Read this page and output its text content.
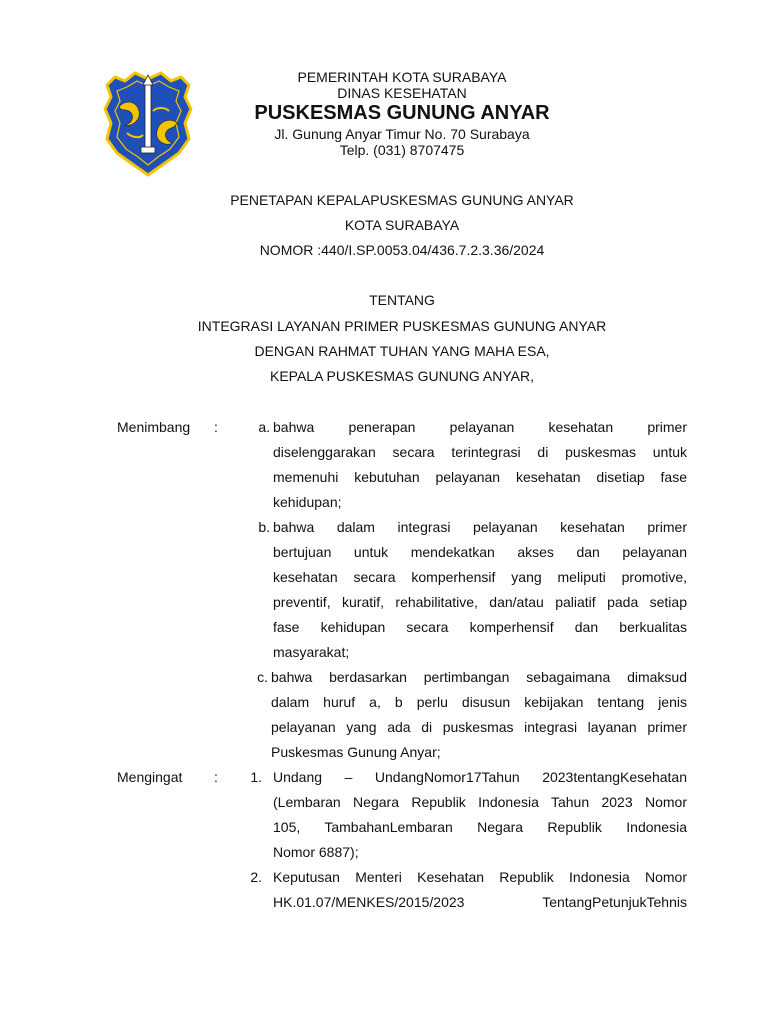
PEMERINTAH KOTA SURABAYA
DINAS KESEHATAN
PUSKESMAS GUNUNG ANYAR
Jl. Gunung Anyar Timur No. 70 Surabaya
Telp. (031) 8707475
PENETAPAN KEPALAPUSKESMAS GUNUNG ANYAR
KOTA SURABAYA
NOMOR :440/I.SP.0053.04/436.7.2.3.36/2024
TENTANG
INTEGRASI LAYANAN PRIMER PUSKESMAS GUNUNG ANYAR
DENGAN RAHMAT TUHAN YANG MAHA ESA,
KEPALA PUSKESMAS GUNUNG ANYAR,
Menimbang :	a. bahwa penerapan pelayanan kesehatan primer
diselenggarakan secara terintegrasi di puskesmas untuk
memenuhi kebutuhan pelayanan kesehatan disetiap fase
kehidupan;
b. bahwa dalam integrasi pelayanan kesehatan primer
bertujuan untuk mendekatkan akses dan pelayanan
kesehatan secara komperhensif yang meliputi promotive,
preventif, kuratif, rehabilitative, dan/atau paliatif pada setiap
fase kehidupan secara komperhensif dan berkualitas
masyarakat;
c. bahwa berdasarkan pertimbangan sebagaimana dimaksud
dalam huruf a, b perlu disusun kebijakan tentang jenis
pelayanan yang ada di puskesmas integrasi layanan primer
Puskesmas Gunung Anyar;
Mengingat :	1. Undang – UndangNomor17Tahun 2023tentangKesehatan
(Lembaran Negara Republik Indonesia Tahun 2023 Nomor
105, TambahanLembaran Negara Republik Indonesia
Nomor 6887);
2. Keputusan Menteri Kesehatan Republik Indonesia Nomor
HK.01.07/MENKES/2015/2023 TentangPetunjukTehnis
